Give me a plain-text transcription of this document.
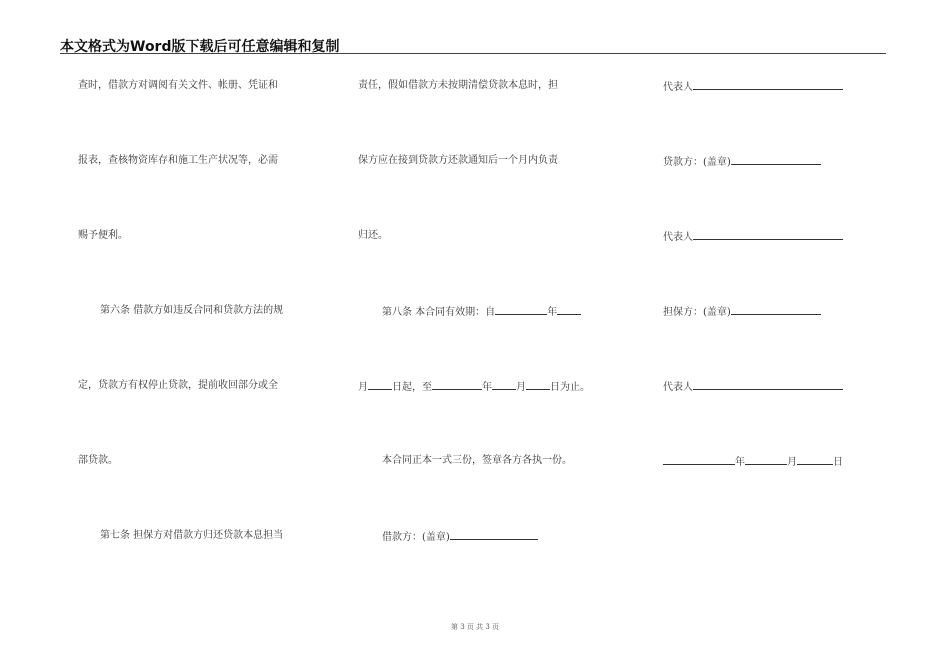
本文格式为Word版下载后可任意编辑和复制
查时，借款方对调阅有关文件、帐册、凭证和
报表，查核物资库存和施工生产状况等，必需
赐予便利。
第六条 借款方如违反合同和贷款方法的规
定，贷款方有权停止贷款，提前收回部分或全
部贷款。
第七条 担保方对借款方归还贷款本息担当
责任，假如借款方未按期清偿贷款本息时，担
保方应在接到贷款方还款通知后一个月内负责
归还。
第八条 本合同有效期：自	年
月 日起，至	年 月 日为止。
本合同正本一式三份，签章各方各执一份。
借款方：(盖章)
代表人
贷款方：(盖章)
代表人
担保方：(盖章)
代表人
年	月	日
第 3 页 共 3 页
